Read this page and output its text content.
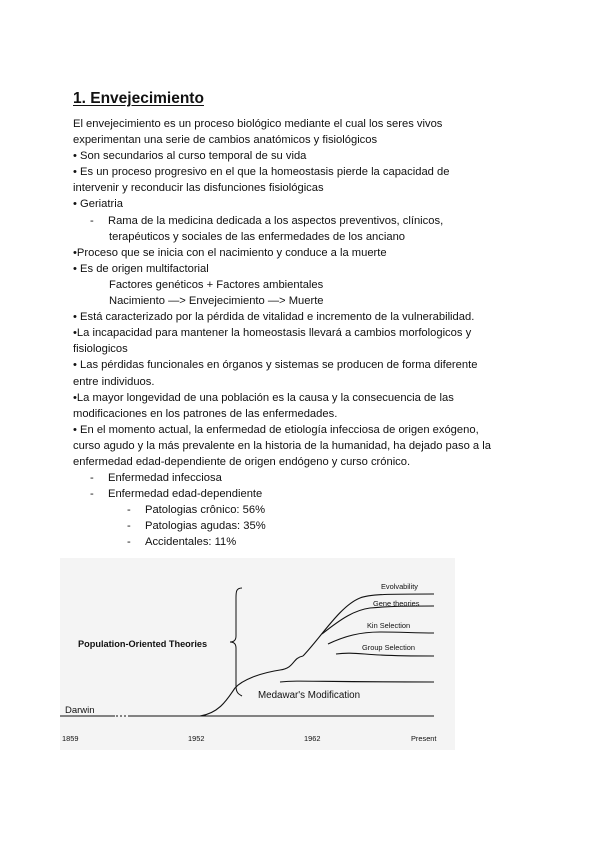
1. Envejecimiento

El envejecimiento es un proceso biológico mediante el cual los seres vivos

experimentan una serie de cambios anatómicos y fisiológicos

• Son secundarios al curso temporal de su vida

• Es un proceso progresivo en el que la homeostasis pierde la capacidad de

intervenir y reconducir las disfunciones fisiológicas

• Geriatria

-	Rama de la medicina dedicada a los aspectos preventivos, clínicos,

terapéuticos y sociales de las enfermedades de los anciano

•Proceso que se inicia con el nacimiento y conduce a la muerte

• Es de origen multifactorial

Factores genéticos + Factores ambientales

Nacimiento —> Envejecimiento —> Muerte

• Está caracterizado por la pérdida de vitalidad e incremento de la vulnerabilidad.

•La incapacidad para mantener la homeostasis llevará a cambios morfologicos y

fisiologicos

• Las pérdidas funcionales en órganos y sistemas se producen de forma diferente

entre individuos.

•La mayor longevidad de una población es la causa y la consecuencia de las

modificaciones en los patrones de las enfermedades.

• En el momento actual, la enfermedad de etiología infecciosa de origen exógeno,

curso agudo y la más prevalente en la historia de la humanidad, ha dejado paso a la

enfermedad edad-dependiente de origen endógeno y curso crónico.

-	Enfermedad infecciosa
-	Enfermedad edad-dependiente
-	Patologias crônico: 56%
-	Patologias agudas: 35%
-	Accidentales: 11%
Population-Oriented Theories
Darwin
Medawar's Modification
Evolvability
Gene theories
Kin Selection
Group Selection
1859	1952	1962	Present
